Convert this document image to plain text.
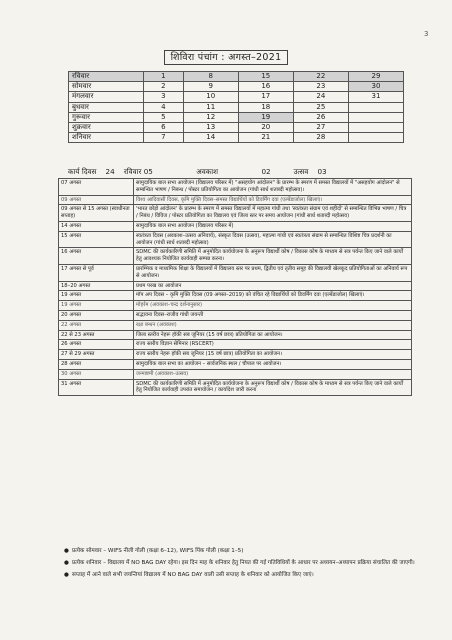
3
शिविरा पंचांग : अगस्त–2021
रविवार	1	8	15	22	29
सोमवार	2	9	16	23	30
मंगलवार	3	10	17	24	31
बुधवार	4	11	18	25	
गुरूवार	5	12	19	26	
शुक्रवार	6	13	20	27	
शनिवार	7	14	21	28	
कार्य दिवस
24
रविवार 05
	अवकाश
	02
	उत्सव
03
07 अगस्त	सामुदायिक बाल सभा आयोजन (विद्यालय परिसर में) "असहयोग आंदोलन" के प्रारम्भ के स्मरण में समस्त विद्यालयों में "असहयोग आंदोलन" से सम्बन्धित भाषण / निबन्ध / पोस्टर प्रतियोगिता का आयोजन (गांधी सार्ध शताब्दी महोत्सव)।
09 अगस्त	विश्व आदिवासी दिवस, कृमि मुक्ति दिवस–समस्त विद्यार्थियों को डिवर्मिंग दवा (एल्बेंडाजोल) खिलाएं।
09 अगस्त से 15 अगस्त (स्वाधीनता सप्ताह)	'भारत छोड़ो आंदोलन' के प्रारम्भ के स्मरण में समस्त विद्यालयों में महात्मा गांधी तथा 'स्वतंत्रता संग्राम एवं शहीदों' से सम्बन्धित विभिन्न भाषण / चित्र / निबंध / विविज / पोस्टर प्रतियोगिता का विद्यालय एवं जिला स्तर पर समय आयोजन (गांधी सार्ध शताब्दी महोत्सव)
14 अगस्त	सामुदायिक बाल सभा आयोजन (विद्यालय परिसर में)
15 अगस्त	स्वतंत्रता दिवस (अवकाश–उत्सव अनिवार्य), संस्कृत दिवस (उत्सव), महात्मा गांधी एवं स्वतंत्रता संग्राम से सम्बन्धित विशिष्ट चित्र प्रदर्शनी का आयोजन (गांधी सार्ध शताब्दी महोत्सव)
16 अगस्त	SDMC की कार्यकारिणी समिति में अनुमोदित कार्ययोजना के अनुरूप विद्यार्थी कोष / विकास कोष के माध्यम से सत्र पर्यन्त किए जाने वाले कार्यों हेतु आवश्यक नियोजित कार्यवाही सम्पन्न करना।
17 अगस्त से पूर्व	प्रारम्भिक व माध्यमिक शिक्षा के विद्यालयों में विद्यालय स्तर पर प्रथम, द्वितीय एवं तृतीय समूह की विद्यालयी खेलकूद प्रतियोगिताओं का अनिवार्य रूप से आयोजन।
18–20 अगस्त	प्रथम परख का आयोजन
19 अगस्त	मॉप अप दिवस – कृमि मुक्ति दिवस (09 अगस्त–2019) को वंचित रहे विद्यार्थियों को डिवर्मिंग दवा (एल्बेंडाजोल) खिलाएं।
19 अगस्त	मोहर्रम (अवकाश–चन्द्र दर्शनानुसार)
20 अगस्त	सद्भावना दिवस–राजीव गांधी जयन्ती
22 अगस्त	रक्षा बन्धन (अवकाश)
22 से 23 अगस्त	जिला स्तरीय नेहरू हॉकी सब जूनियर (15 वर्ष छात्र) प्रतियोगिता का आयोजन।
26 अगस्त	राज्य स्तरीय विज्ञान सेमिनार (RSCERT)
27 से 29 अगस्त	राज्य स्तरीय नेहरू हॉकी सब जूनियर (15 वर्ष छात्र) प्रतियोगिता का आयोजन।
28 अगस्त	सामुदायिक बाल सभा का आयोजन – सार्वजनिक स्थल / चौपाल पर आयोजन।
30 अगस्त	जन्माष्टमी (अवकाश–उत्सव)
31 अगस्त	SDMC की कार्यकारिणी समिति में अनुमोदित कार्ययोजना के अनुरूप विद्यार्थी कोष / विकास कोष के माध्यम से सत्र पर्यन्त किए जाने वाले कार्यों हेतु नियोजित कार्यवाही उपरांत समायोजन / कार्यादेश जारी करना
● प्रत्येक सोमवार – WIFS नीली गोली (कक्षा 6–12), WIFS पिंक गोली (कक्षा 1–5)
● प्रत्येक शनिवार – विद्यालय में NO BAG DAY रहेगा। इस दिन माह के शनिवार हेतु नियत की गई गतिविधियों के आधार पर अध्ययन–अध्यापन प्रक्रिया संचालित की जाएगी।
● सप्ताह में आने वाले सभी जयन्तियां विद्यालय में NO BAG DAY वाली उसी सप्ताह के शनिवार को आयोजित किए जाएं।
